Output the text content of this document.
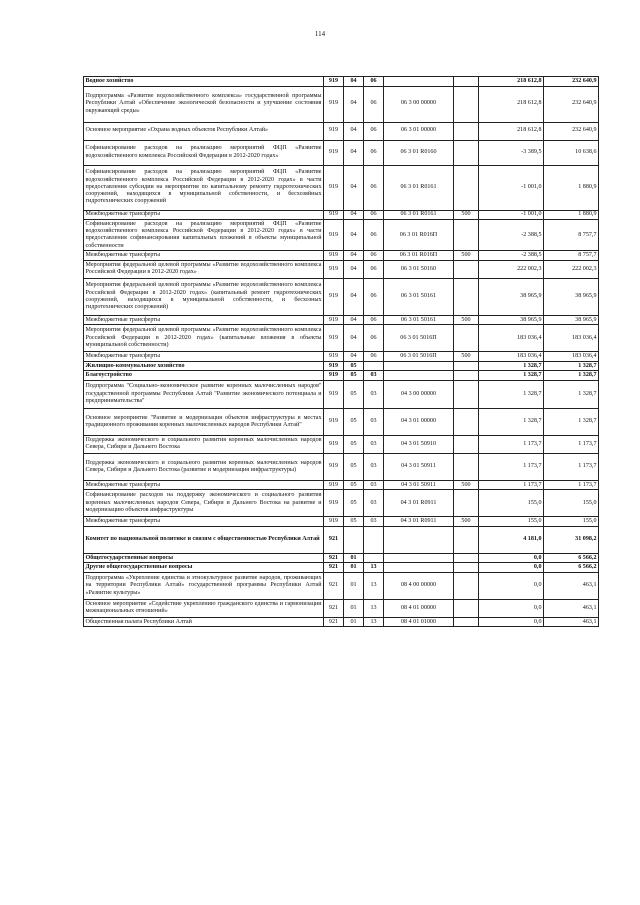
114
Водное хозяйство	919	04	06			218 612,8	232 640,9
Подпрограмма «Развитие водохозяйственного комплекса» государственной программы Республики Алтай «Обеспечение экологической безопасности и улучшение состояния окружающей среды»	919	04	06	06 3 00 00000		218 612,8	232 640,9
Основное мероприятие «Охрана водных объектов Республики Алтай»	919	04	06	06 3 01 00000		218 612,8	232 640,9
Софинансирование расходов на реализацию мероприятий ФЦП «Развитие водохозяйственного комплекса Российской Федерации в 2012-2020 годах»	919	04	06	06 3 01 R0160		-3 389,5	10 638,6
Софинансирование расходов на реализацию мероприятий ФЦП «Развитие водохозяйственного комплекса Российской Федерации в 2012-2020 годах» в части предоставления субсидии на мероприятия по капитальному ремонту гидротехнических сооружений, находящихся в муниципальной собственности, и бесхозяйных гидротехнических сооружений	919	04	06	06 3 01 R0161		-1 001,0	1 880,9
Межбюджетные трансферты	919	04	06	06 3 01 R0161	500	-1 001,0	1 880,9
Софинансирование расходов на реализацию мероприятий ФЦП «Развитие водохозяйственного комплекса Российской Федерации в 2012-2020 годах» в части предоставления софинансирования капитальных вложений в объекты муниципальной собственности	919	04	06	06 3 01 R016П		-2 388,5	8 757,7
Межбюджетные трансферты	919	04	06	06 3 01 R016П	500	-2 388,5	8 757,7
Мероприятия федеральной целевой программы «Развитие водохозяйственного комплекса Российской Федерации в 2012-2020 годах»	919	04	06	06 3 01 50160		222 002,3	222 002,3
Мероприятия федеральной целевой программы «Развитие водохозяйственного комплекса Российской Федерации в 2012-2020 годах» (капитальный ремонт гидротехнических сооружений, находящихся в муниципальной собственности, и бесхозных гидротехнических сооружений)	919	04	06	06 3 01 50161		38 965,9	38 965,9
Межбюджетные трансферты	919	04	06	06 3 01 50161	500	38 965,9	38 965,9
Мероприятия федеральной целевой программы «Развитие водохозяйственного комплекса Российской Федерации в 2012-2020 годах» (капитальные вложения в объекты муниципальной собственности)	919	04	06	06 3 01 5016П		183 036,4	183 036,4
Межбюджетные трансферты	919	04	06	06 3 01 5016П	500	183 036,4	183 036,4
Жилищно-коммунальное хозяйство	919	05				1 328,7	1 328,7
Благоустройство	919	05	03			1 328,7	1 328,7
Подпрограмма "Социально-экономическое развитие коренных малочисленных народов" государственной программы Республики Алтай "Развитие экономического потенциала и предпринимательства"	919	05	03	04 3 00 00000		1 328,7	1 328,7
Основное мероприятие "Развитие и модернизация объектов инфраструктуры в местах традиционного проживания коренных малочисленных народов Республики Алтай"	919	05	03	04 3 01 00000		1 328,7	1 328,7
Поддержка экономического и социального развития коренных малочисленных народов Севера, Сибири и Дальнего Востока	919	05	03	04 3 01 50910		1 173,7	1 173,7
Поддержка экономического и социального развития коренных малочисленных народов Севера, Сибири и Дальнего Востока (развитие и модернизация инфраструктуры)	919	05	03	04 3 01 50911		1 173,7	1 173,7
Межбюджетные трансферты	919	05	03	04 3 01 50911	500	1 173,7	1 173,7
Софинансирование расходов на поддержку экономического и социального развития коренных малочисленных народов Севера, Сибири и Дальнего Востока на развитие и модернизацию объектов инфраструктуры	919	05	03	04 3 01 R0911		155,0	155,0
Межбюджетные трансферты	919	05	03	04 3 01 R0911	500	155,0	155,0
Комитет по национальной политике и связям с общественностью Республики Алтай	921					4 181,0	31 098,2
Общегосударственные вопросы	921	01				0,0	6 566,2
Другие общегосударственные вопросы	921	01	13			0,0	6 566,2
Подпрограмма «Укрепление единства и этнокультурное развитие народов, проживающих на территории Республики Алтай» государственной программы Республики Алтай «Развитие культуры»	921	01	13	08 4 00 00000		0,0	463,1
Основное мероприятие «Содействие укреплению гражданского единства и гармонизации межнациональных отношений»	921	01	13	08 4 01 00000		0,0	463,1
Общественная палата Республики Алтай	921	01	13	08 4 01 01000		0,0	463,1
